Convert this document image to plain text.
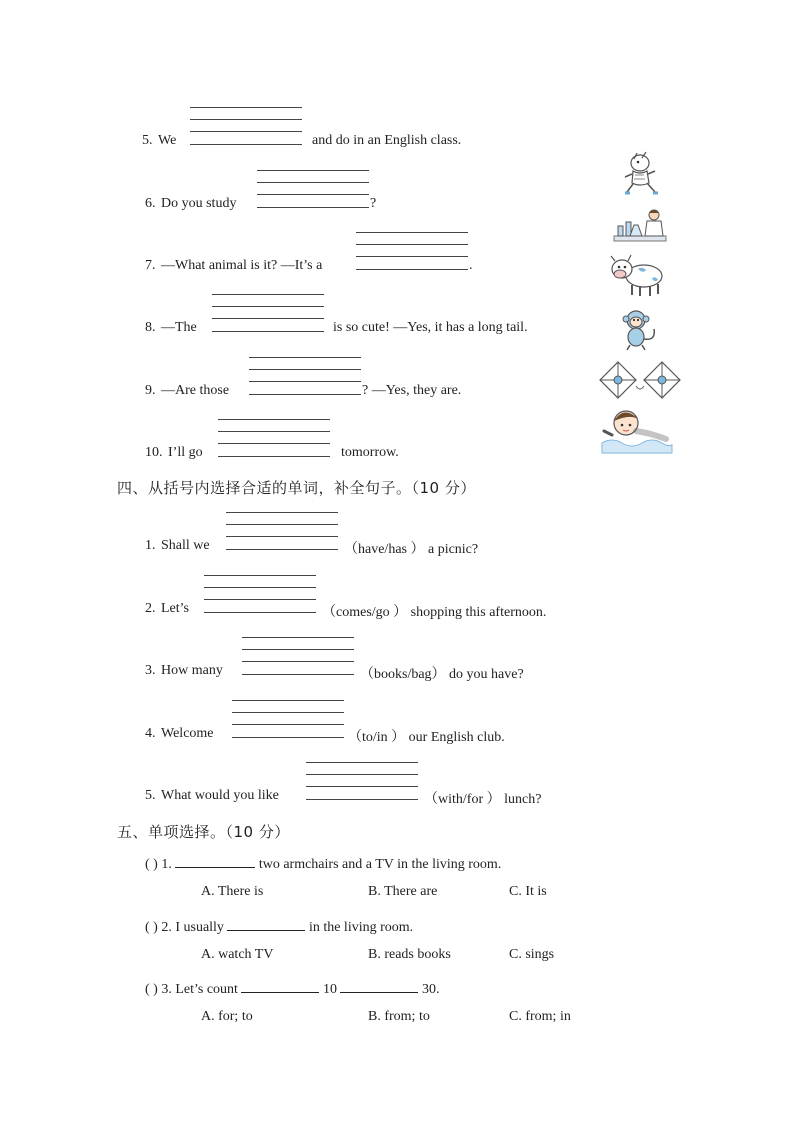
5. We	and do in an English class.
6. Do you study	?
7. —What animal is it? —It’s a	.
8. —The	is so cute! —Yes, it has a long tail.
9. —Are those	? —Yes, they are.
10. I’ll go	tomorrow.
四、从括号内选择合适的单词，补全句子。（10 分）
1. Shall we	（have/has ） a picnic?
2. Let’s	（comes/go ） shopping this afternoon.
3. How many	（books/bag） do you have?
4. Welcome	（to/in ） our English club.
5. What would you like	（with/for ） lunch?
五、单项选择。（10 分）
( ) 1.	two armchairs and a TV in the living room.
A. There is	B. There are	C. It is
( ) 2. I usually	in the living room.
A. watch TV	B. reads books	C. sings
( ) 3. Let’s count	10	30.
A. for; to	B. from; to	C. from; in
